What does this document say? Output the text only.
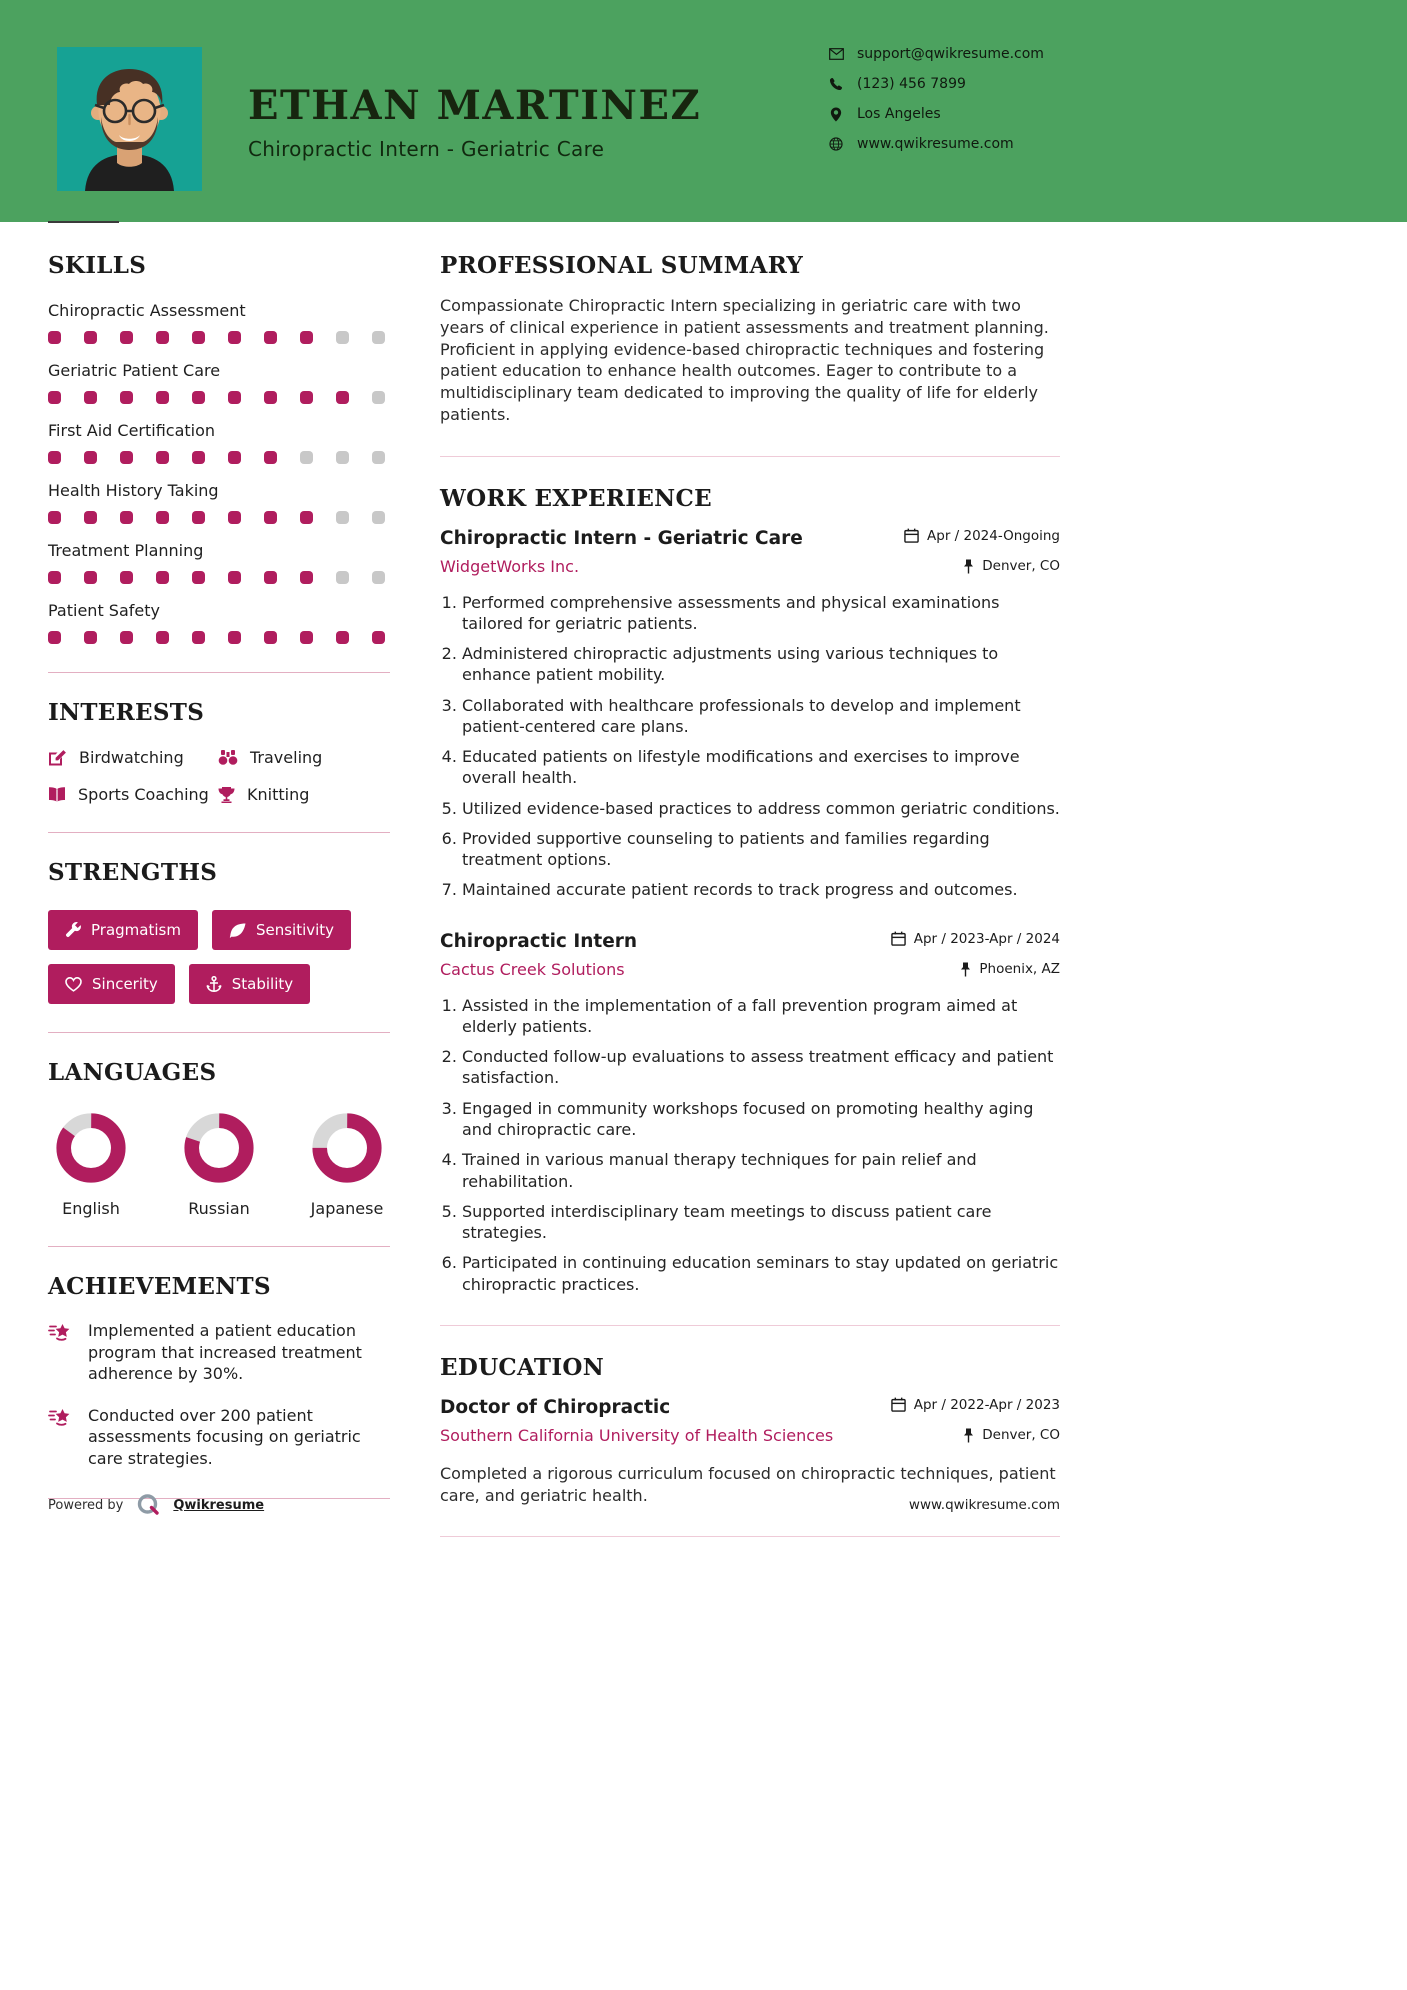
ETHAN MARTINEZ
Chiropractic Intern - Geriatric Care
support@qwikresume.com
(123) 456 7899
Los Angeles
www.qwikresume.com
SKILLS
Chiropractic Assessment
Geriatric Patient Care
First Aid Certification
Health History Taking
Treatment Planning
Patient Safety
INTERESTS
Birdwatching	Traveling
Sports Coaching Knitting
STRENGTHS
Pragmatism	Sensitivity
Sincerity	Stability
LANGUAGES
English	Russian	Japanese
ACHIEVEMENTS
Implemented a patient education program that increased treatment adherence by 30%.
Conducted over 200 patient assessments focusing on geriatric care strategies.
PROFESSIONAL SUMMARY

Compassionate Chiropractic Intern specializing in geriatric care with two years of clinical experience in patient assessments and treatment planning. Proficient in applying evidence-based chiropractic techniques and fostering patient education to enhance health outcomes. Eager to contribute to a multidisciplinary team dedicated to improving the quality of life for elderly patients.

WORK EXPERIENCE
Chiropractic Intern - Geriatric Care	Apr / 2024-Ongoing
WidgetWorks Inc.	Denver, CO
1. Performed comprehensive assessments and physical examinations tailored for geriatric patients.
2. Administered chiropractic adjustments using various techniques to enhance patient mobility.
3. Collaborated with healthcare professionals to develop and implement patient-centered care plans.
4. Educated patients on lifestyle modifications and exercises to improve overall health.
5. Utilized evidence-based practices to address common geriatric conditions.
6. Provided supportive counseling to patients and families regarding treatment options.
7. Maintained accurate patient records to track progress and outcomes.
Chiropractic Intern	Apr / 2023-Apr / 2024
Cactus Creek Solutions	Phoenix, AZ
1. Assisted in the implementation of a fall prevention program aimed at elderly patients.
2. Conducted follow-up evaluations to assess treatment efficacy and patient satisfaction.
3. Engaged in community workshops focused on promoting healthy aging and chiropractic care.
4. Trained in various manual therapy techniques for pain relief and rehabilitation.
5. Supported interdisciplinary team meetings to discuss patient care strategies.
6. Participated in continuing education seminars to stay updated on geriatric chiropractic practices.
EDUCATION
Doctor of Chiropractic	Apr / 2022-Apr / 2023
Southern California University of Health Sciences	Denver, CO

Completed a rigorous curriculum focused on chiropractic techniques, patient care, and geriatric health.

Powered by	Qwikresume	www.qwikresume.com
